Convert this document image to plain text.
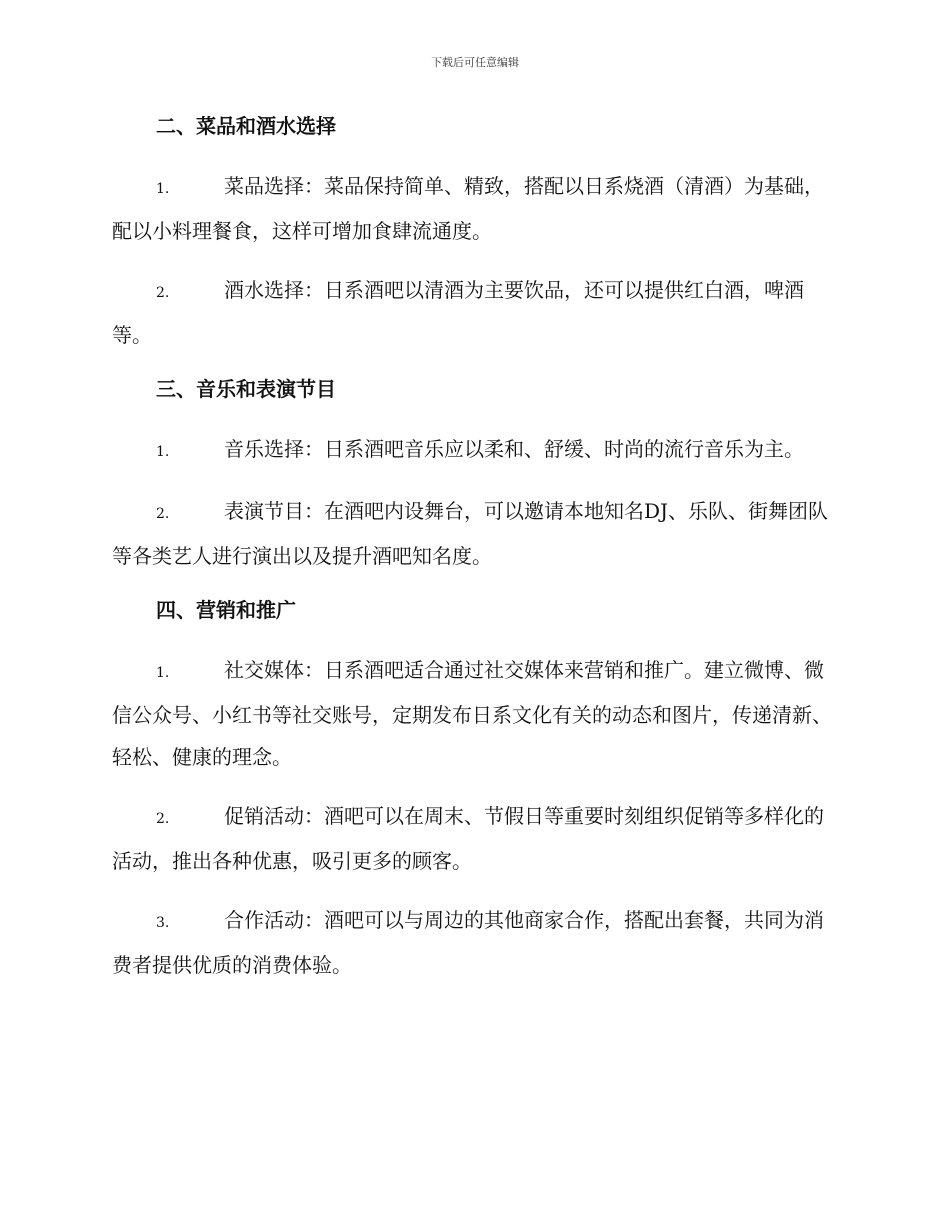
下载后可任意编辑
二、菜品和酒水选择

1.	菜品选择：菜品保持简单、精致，搭配以日系烧酒（清酒）为基础，配以小料理餐食，这样可增加食肆流通度。

2.	酒水选择：日系酒吧以清酒为主要饮品，还可以提供红白酒，啤酒等。

三、音乐和表演节目

1.	音乐选择：日系酒吧音乐应以柔和、舒缓、时尚的流行音乐为主。

2.	表演节目：在酒吧内设舞台，可以邀请本地知名DJ、乐队、街舞团队等各类艺人进行演出以及提升酒吧知名度。

四、营销和推广

1.	社交媒体：日系酒吧适合通过社交媒体来营销和推广。建立微博、微信公众号、小红书等社交账号，定期发布日系文化有关的动态和图片，传递清新、轻松、健康的理念。

2.	促销活动：酒吧可以在周末、节假日等重要时刻组织促销等多样化的活动，推出各种优惠，吸引更多的顾客。

3.	合作活动：酒吧可以与周边的其他商家合作，搭配出套餐，共同为消费者提供优质的消费体验。
